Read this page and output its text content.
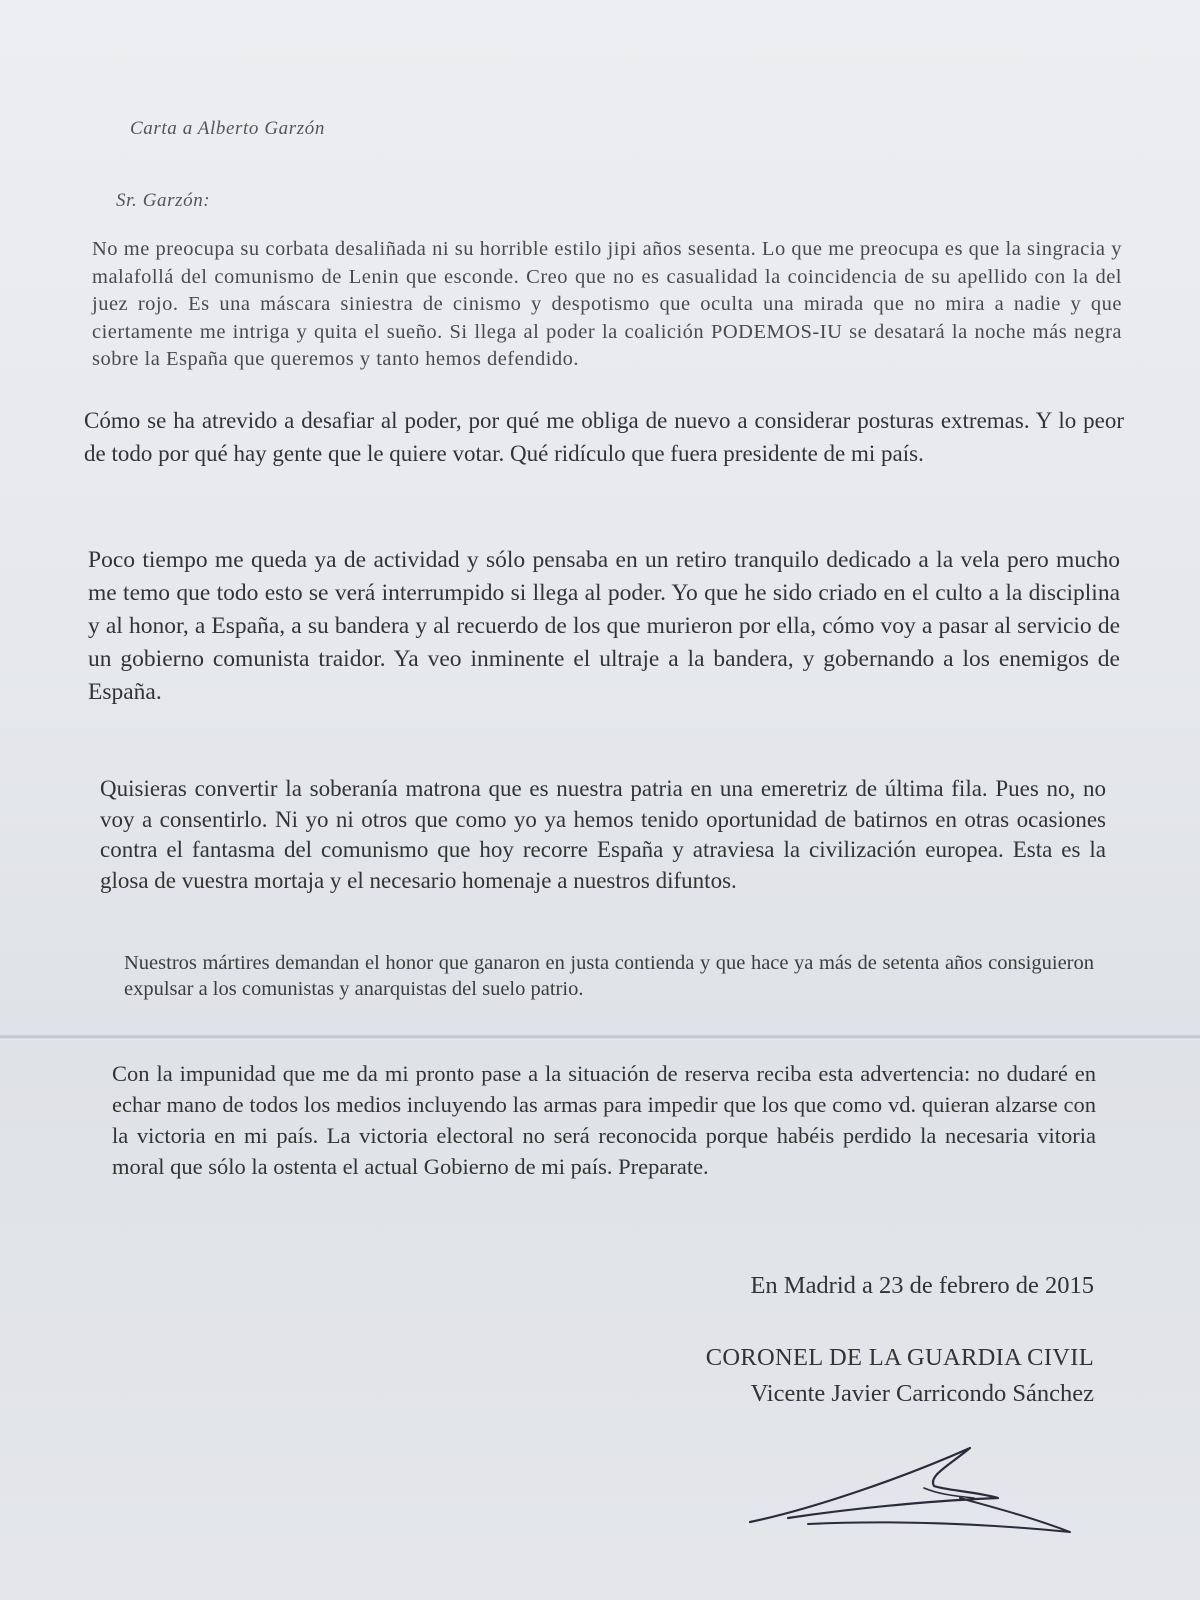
Carta a Alberto Garzón
Sr. Garzón:

No me preocupa su corbata desaliñada ni su horrible estilo jipi años sesenta. Lo que me preocupa es que la singracia y malafollá del comunismo de Lenin que esconde. Creo que no es casualidad la coincidencia de su apellido con la del juez rojo. Es una máscara siniestra de cinismo y despotismo que oculta una mirada que no mira a nadie y que ciertamente me intriga y quita el sueño. Si llega al poder la coalición PODEMOS-IU se desatará la noche más negra sobre la España que queremos y tanto hemos defendido.

Cómo se ha atrevido a desafiar al poder, por qué me obliga de nuevo a considerar posturas extremas. Y lo peor de todo por qué hay gente que le quiere votar. Qué ridículo que fuera presidente de mi país.

Poco tiempo me queda ya de actividad y sólo pensaba en un retiro tranquilo dedicado a la vela pero mucho me temo que todo esto se verá interrumpido si llega al poder. Yo que he sido criado en el culto a la disciplina y al honor, a España, a su bandera y al recuerdo de los que murieron por ella, cómo voy a pasar al servicio de un gobierno comunista traidor. Ya veo inminente el ultraje a la bandera, y gobernando a los enemigos de España.

Quisieras convertir la soberanía matrona que es nuestra patria en una emeretriz de última fila. Pues no, no voy a consentirlo. Ni yo ni otros que como yo ya hemos tenido oportunidad de batirnos en otras ocasiones contra el fantasma del comunismo que hoy recorre España y atraviesa la civilización europea. Esta es la glosa de vuestra mortaja y el necesario homenaje a nuestros difuntos.

Nuestros mártires demandan el honor que ganaron en justa contienda y que hace ya más de setenta años consiguieron expulsar a los comunistas y anarquistas del suelo patrio.

Con la impunidad que me da mi pronto pase a la situación de reserva reciba esta advertencia: no dudaré en echar mano de todos los medios incluyendo las armas para impedir que los que como vd. quieran alzarse con la victoria en mi país. La victoria electoral no será reconocida porque habéis perdido la necesaria vitoria moral que sólo la ostenta el actual Gobierno de mi país. Preparate.

En Madrid a 23 de febrero de 2015
CORONEL DE LA GUARDIA CIVIL
Vicente Javier Carricondo Sánchez
